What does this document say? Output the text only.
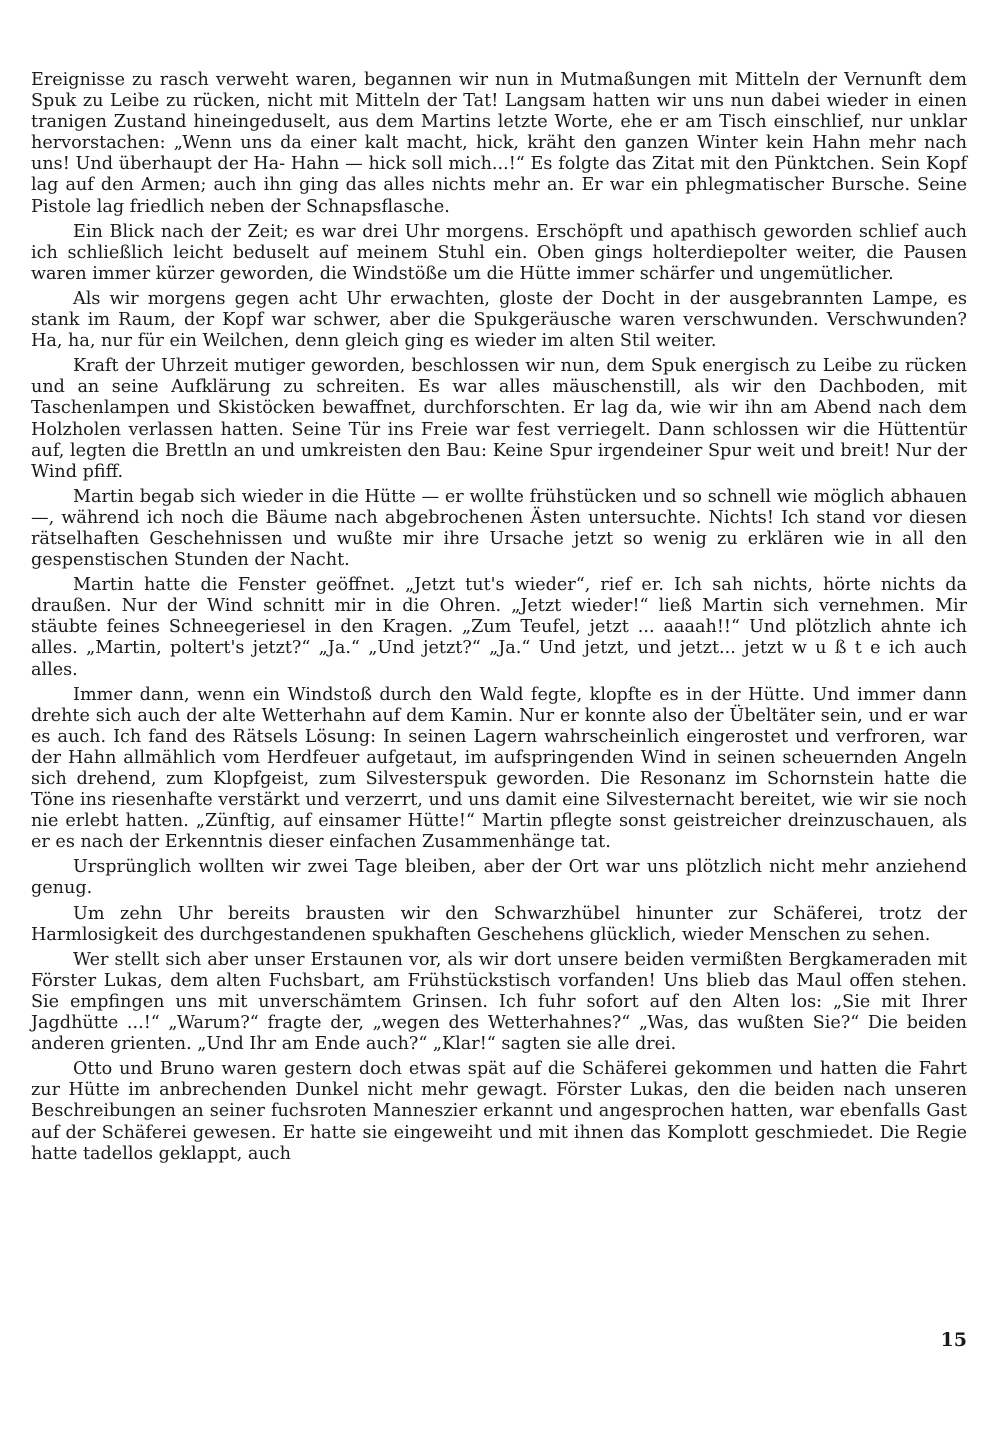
Ereignisse zu rasch verweht waren, begannen wir nun in Mutmaßungen mit Mitteln der Vernunft dem Spuk zu Leibe zu rücken, nicht mit Mitteln der Tat! Langsam hatten wir uns nun dabei wieder in einen tranigen Zustand hineingeduselt, aus dem Martins letzte Worte, ehe er am Tisch einschlief, nur unklar hervorstachen: „Wenn uns da einer kalt macht, hick, kräht den ganzen Winter kein Hahn mehr nach uns! Und überhaupt der Ha- Hahn — hick soll mich...!“ Es folgte das Zitat mit den Pünktchen. Sein Kopf lag auf den Armen; auch ihn ging das alles nichts mehr an. Er war ein phlegmatischer Bursche. Seine Pistole lag friedlich neben der Schnapsflasche.

Ein Blick nach der Zeit; es war drei Uhr morgens. Erschöpft und apathisch geworden schlief auch ich schließlich leicht beduselt auf meinem Stuhl ein. Oben gings holterdiepolter weiter, die Pausen waren immer kürzer geworden, die Windstöße um die Hütte immer schärfer und ungemütlicher.

Als wir morgens gegen acht Uhr erwachten, gloste der Docht in der ausgebrannten Lampe, es stank im Raum, der Kopf war schwer, aber die Spukgeräusche waren verschwunden. Verschwunden? Ha, ha, nur für ein Weilchen, denn gleich ging es wieder im alten Stil weiter.

Kraft der Uhrzeit mutiger geworden, beschlossen wir nun, dem Spuk energisch zu Leibe zu rücken und an seine Aufklärung zu schreiten. Es war alles mäuschenstill, als wir den Dachboden, mit Taschenlampen und Skistöcken bewaffnet, durchforschten. Er lag da, wie wir ihn am Abend nach dem Holzholen verlassen hatten. Seine Tür ins Freie war fest verriegelt. Dann schlossen wir die Hüttentür auf, legten die Brettln an und umkreisten den Bau: Keine Spur irgendeiner Spur weit und breit! Nur der Wind pfiff.

Martin begab sich wieder in die Hütte — er wollte frühstücken und so schnell wie möglich abhauen —, während ich noch die Bäume nach abgebrochenen Ästen untersuchte. Nichts! Ich stand vor diesen rätselhaften Geschehnissen und wußte mir ihre Ursache jetzt so wenig zu erklären wie in all den gespenstischen Stunden der Nacht.

Martin hatte die Fenster geöffnet. „Jetzt tut's wieder“, rief er. Ich sah nichts, hörte nichts da draußen. Nur der Wind schnitt mir in die Ohren. „Jetzt wieder!“ ließ Martin sich vernehmen. Mir stäubte feines Schneegeriesel in den Kragen. „Zum Teufel, jetzt ... aaaah!!“ Und plötzlich ahnte ich alles. „Martin, poltert's jetzt?“ „Ja.“ „Und jetzt?“ „Ja.“ Und jetzt, und jetzt... jetzt w u ß t e ich auch alles.

Immer dann, wenn ein Windstoß durch den Wald fegte, klopfte es in der Hütte. Und immer dann drehte sich auch der alte Wetterhahn auf dem Kamin. Nur er konnte also der Übeltäter sein, und er war es auch. Ich fand des Rätsels Lösung: In seinen Lagern wahrscheinlich eingerostet und verfroren, war der Hahn allmählich vom Herdfeuer aufgetaut, im aufspringenden Wind in seinen scheuernden Angeln sich drehend, zum Klopfgeist, zum Silvesterspuk geworden. Die Resonanz im Schornstein hatte die Töne ins riesenhafte verstärkt und verzerrt, und uns damit eine Silvesternacht bereitet, wie wir sie noch nie erlebt hatten. „Zünftig, auf einsamer Hütte!“ Martin pflegte sonst geistreicher dreinzuschauen, als er es nach der Erkenntnis dieser einfachen Zusammenhänge tat.

Ursprünglich wollten wir zwei Tage bleiben, aber der Ort war uns plötzlich nicht mehr anziehend genug.

Um zehn Uhr bereits brausten wir den Schwarzhübel hinunter zur Schäferei, trotz der Harmlosigkeit des durchgestandenen spukhaften Geschehens glücklich, wieder Menschen zu sehen.

Wer stellt sich aber unser Erstaunen vor, als wir dort unsere beiden vermißten Bergkameraden mit Förster Lukas, dem alten Fuchsbart, am Frühstückstisch vorfanden! Uns blieb das Maul offen stehen. Sie empfingen uns mit unverschämtem Grinsen. Ich fuhr sofort auf den Alten los: „Sie mit Ihrer Jagdhütte ...!“ „Warum?“ fragte der, „wegen des Wetterhahnes?“ „Was, das wußten Sie?“ Die beiden anderen grienten. „Und Ihr am Ende auch?“ „Klar!“ sagten sie alle drei.

Otto und Bruno waren gestern doch etwas spät auf die Schäferei gekommen und hatten die Fahrt zur Hütte im anbrechenden Dunkel nicht mehr gewagt. Förster Lukas, den die beiden nach unseren Beschreibungen an seiner fuchsroten Manneszier erkannt und angesprochen hatten, war ebenfalls Gast auf der Schäferei gewesen. Er hatte sie eingeweiht und mit ihnen das Komplott geschmiedet. Die Regie hatte tadellos geklappt, auch

15
